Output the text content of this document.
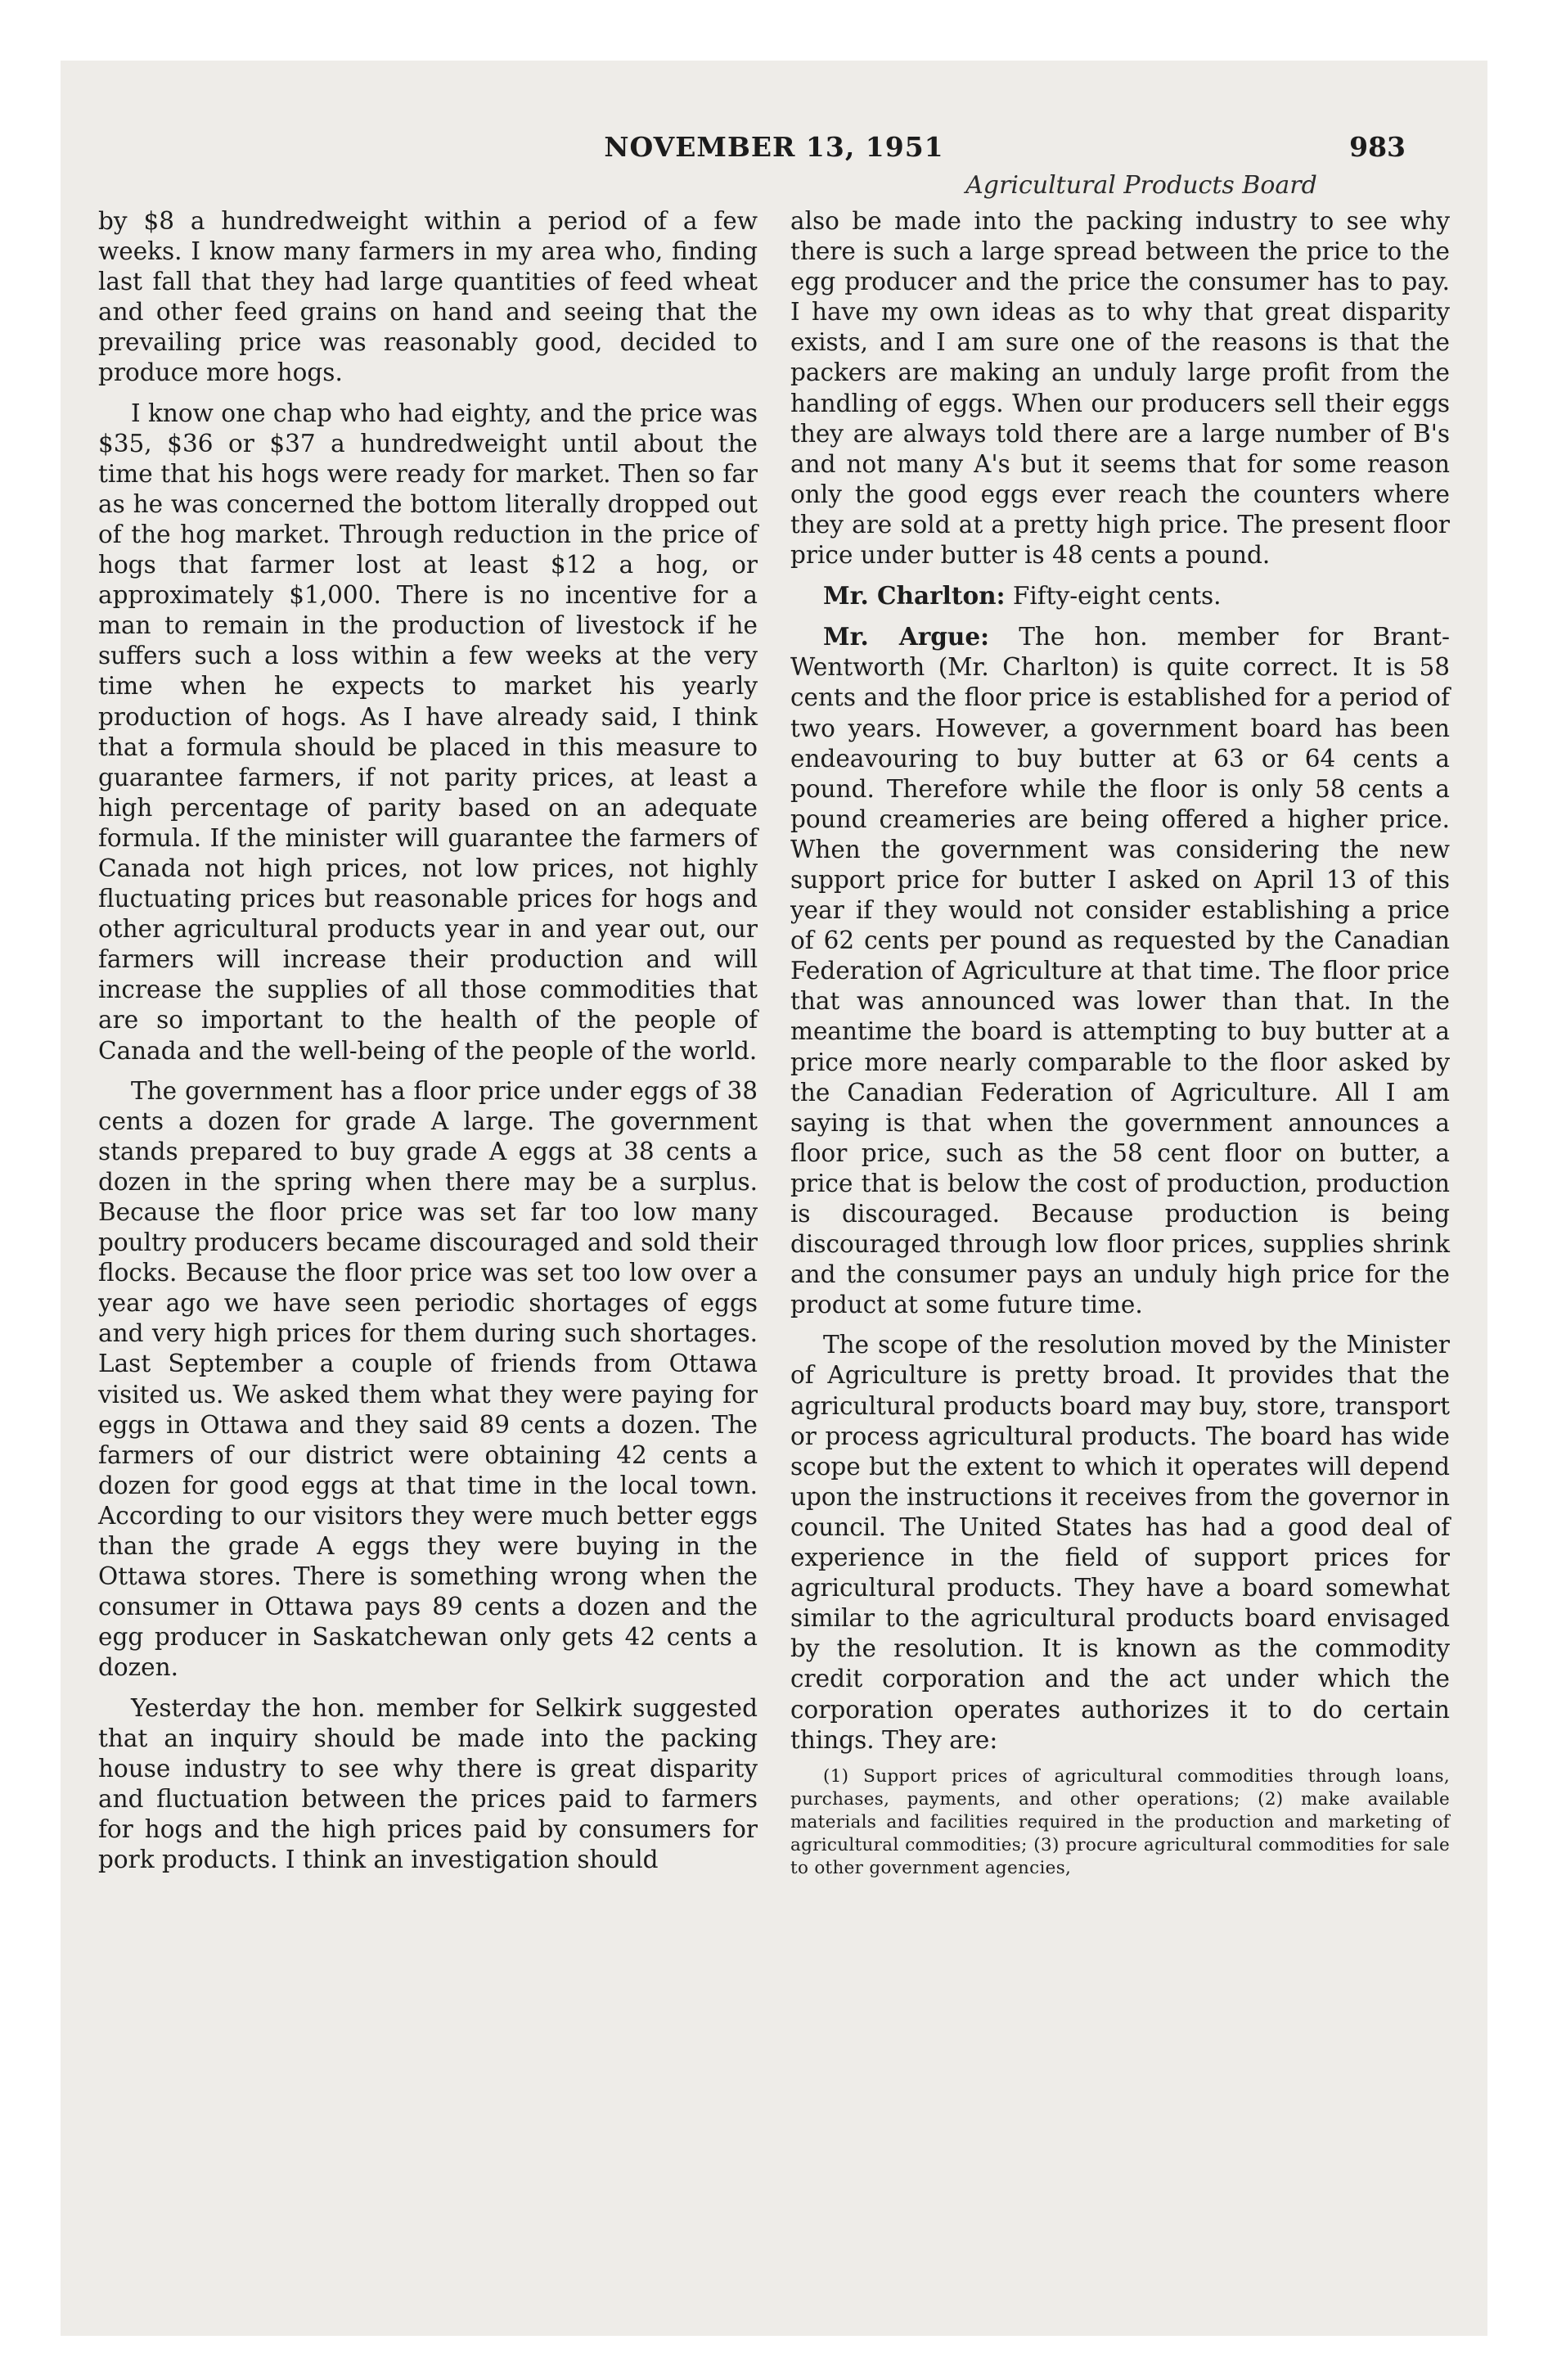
NOVEMBER 13, 1951	983
Agricultural Products Board

by $8 a hundredweight within a period of a few weeks. I know many farmers in my area who, finding last fall that they had large quantities of feed wheat and other feed grains on hand and seeing that the prevailing price was reasonably good, decided to produce more hogs.

I know one chap who had eighty, and the price was $35, $36 or $37 a hundredweight until about the time that his hogs were ready for market. Then so far as he was concerned the bottom literally dropped out of the hog market. Through reduction in the price of hogs that farmer lost at least $12 a hog, or approximately $1,000. There is no incentive for a man to remain in the production of livestock if he suffers such a loss within a few weeks at the very time when he expects to market his yearly production of hogs. As I have already said, I think that a formula should be placed in this measure to guarantee farmers, if not parity prices, at least a high percentage of parity based on an adequate formula. If the minister will guarantee the farmers of Canada not high prices, not low prices, not highly fluctuating prices but reasonable prices for hogs and other agricultural products year in and year out, our farmers will increase their production and will increase the supplies of all those commodities that are so important to the health of the people of Canada and the well-being of the people of the world.

The government has a floor price under eggs of 38 cents a dozen for grade A large. The government stands prepared to buy grade A eggs at 38 cents a dozen in the spring when there may be a surplus. Because the floor price was set far too low many poultry producers became discouraged and sold their flocks. Because the floor price was set too low over a year ago we have seen periodic shortages of eggs and very high prices for them during such shortages. Last September a couple of friends from Ottawa visited us. We asked them what they were paying for eggs in Ottawa and they said 89 cents a dozen. The farmers of our district were obtaining 42 cents a dozen for good eggs at that time in the local town. According to our visitors they were much better eggs than the grade A eggs they were buying in the Ottawa stores. There is something wrong when the consumer in Ottawa pays 89 cents a dozen and the egg producer in Saskatchewan only gets 42 cents a dozen.

Yesterday the hon. member for Selkirk suggested that an inquiry should be made into the packing house industry to see why there is great disparity and fluctuation between the prices paid to farmers for hogs and the high prices paid by consumers for pork products. I think an investigation should

also be made into the packing industry to see why there is such a large spread between the price to the egg producer and the price the consumer has to pay. I have my own ideas as to why that great disparity exists, and I am sure one of the reasons is that the packers are making an unduly large profit from the handling of eggs. When our producers sell their eggs they are always told there are a large number of B's and not many A's but it seems that for some reason only the good eggs ever reach the counters where they are sold at a pretty high price. The present floor price under butter is 48 cents a pound.

Mr. Charlton: Fifty-eight cents.

Mr. Argue: The hon. member for Brant-Wentworth (Mr. Charlton) is quite correct. It is 58 cents and the floor price is established for a period of two years. However, a government board has been endeavouring to buy butter at 63 or 64 cents a pound. Therefore while the floor is only 58 cents a pound creameries are being offered a higher price. When the government was considering the new support price for butter I asked on April 13 of this year if they would not consider establishing a price of 62 cents per pound as requested by the Canadian Federation of Agriculture at that time. The floor price that was announced was lower than that. In the meantime the board is attempting to buy butter at a price more nearly comparable to the floor asked by the Canadian Federation of Agriculture. All I am saying is that when the government announces a floor price, such as the 58 cent floor on butter, a price that is below the cost of production, production is discouraged. Because production is being discouraged through low floor prices, supplies shrink and the consumer pays an unduly high price for the product at some future time.

The scope of the resolution moved by the Minister of Agriculture is pretty broad. It provides that the agricultural products board may buy, store, transport or process agricultural products. The board has wide scope but the extent to which it operates will depend upon the instructions it receives from the governor in council. The United States has had a good deal of experience in the field of support prices for agricultural products. They have a board somewhat similar to the agricultural products board envisaged by the resolution. It is known as the commodity credit corporation and the act under which the corporation operates authorizes it to do certain things. They are:

(1) Support prices of agricultural commodities through loans, purchases, payments, and other operations; (2) make available materials and facilities required in the production and marketing of agricultural commodities; (3) procure agricultural commodities for sale to other government agencies,
